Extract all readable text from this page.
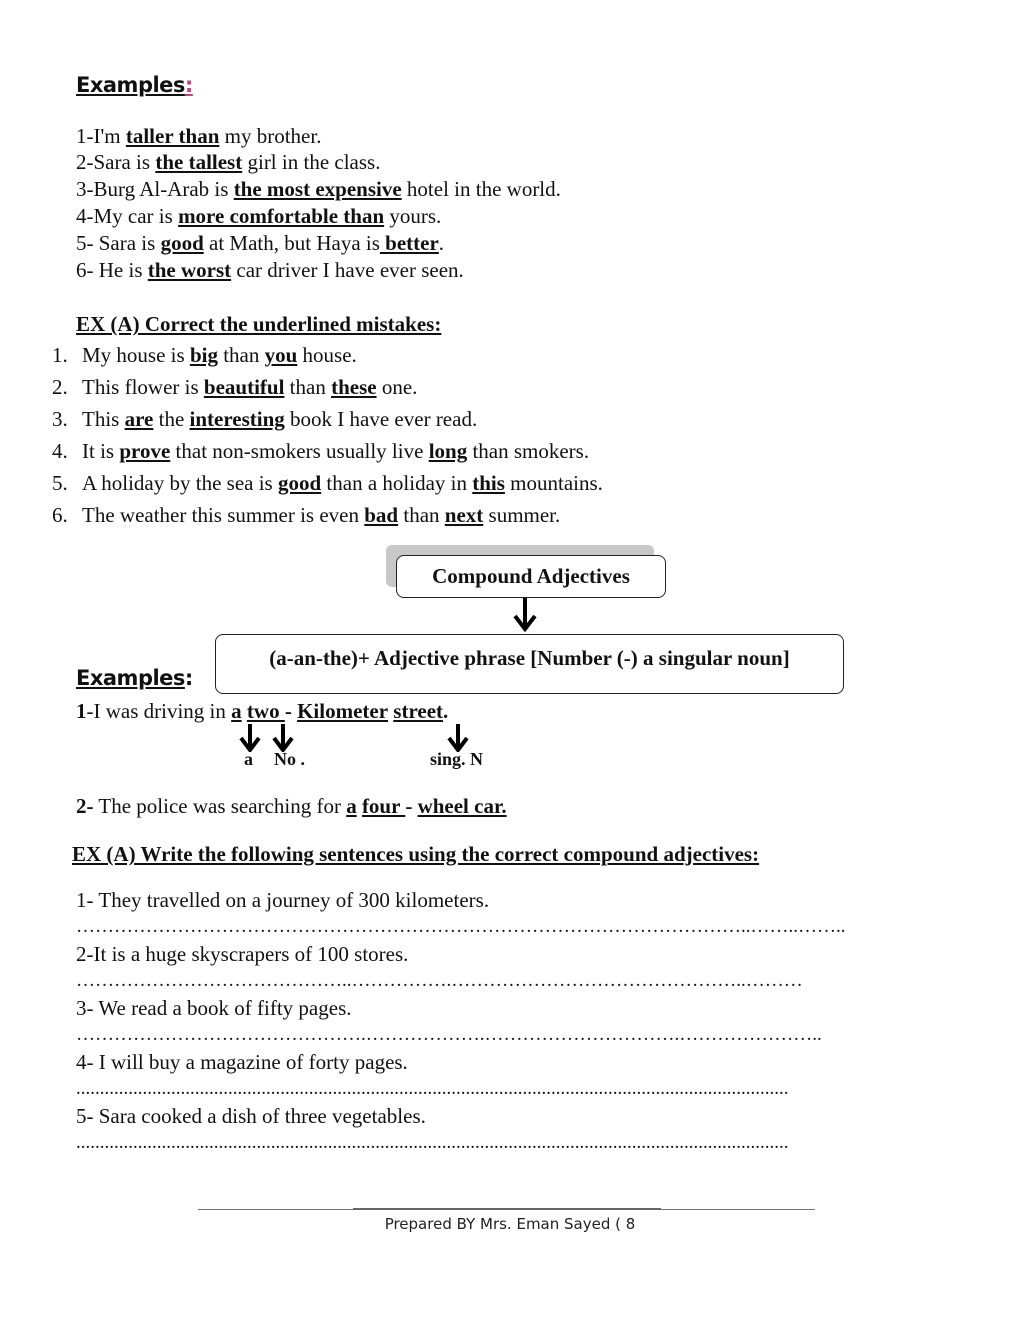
Examples:
1-I'm taller than my brother.
2-Sara is the tallest girl in the class.
3-Burg Al-Arab is the most expensive hotel in the world.
4-My car is more comfortable than yours.
5- Sara is good at Math, but Haya is better.
6- He is the worst car driver I have ever seen.
EX (A) Correct the underlined mistakes:
1. My house is big than you house.
2. This flower is beautiful than these one.
3. This are the interesting book I have ever read.
4. It is prove that non-smokers usually live long than smokers.
5. A holiday by the sea is good than a holiday in this mountains.
6. The weather this summer is even bad than next summer.
Compound Adjectives
(a-an-the)+ Adjective phrase [Number (-) a singular noun]
Examples:
1-I was driving in a two - Kilometer street.
a No .	sing. N
2- The police was searching for a four - wheel car.
EX (A) Write the following sentences using the correct compound adjectives:
1- They travelled on a journey of 300 kilometers.
……………………………………………………………………………………………..……..……..
2-It is a huge skyscrapers of 100 stores.
……………………………………..…………….………………………………………..………
3- We read a book of fifty pages.
……………………………………….……………….………………………….…………………..
4- I will buy a magazine of forty pages.
......................................................................................................................................................
5- Sara cooked a dish of three vegetables.
......................................................................................................................................................
Prepared BY Mrs. Eman Sayed ( 8
